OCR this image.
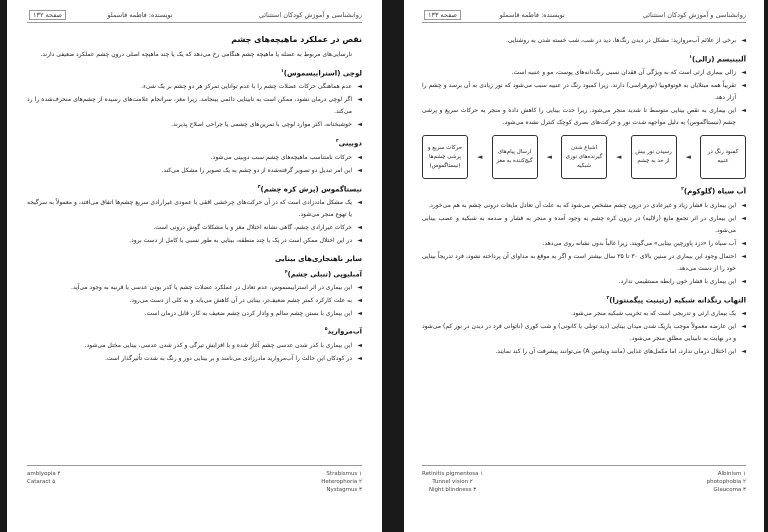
روانشناسی و آموزش کودکان استثنائی
نویسنده: فاطمه قاسملو
صفحه ۱۳۲
نقص در عملکرد ماهیچه‌های چشم

نارسایی‌های مربوط به عضله یا ماهیچه چشم هنگامی رخ می‌دهد که یک یا چند ماهیچه اصلی درون چشم عملکرد ضعیفی دارند.

لوچی (استرابیسموس)$^۱$
◄
عدم هماهنگی حرکات عضلات چشم را با عدم توانایی تمرکز هر دو چشم بر یک شیء.
◄
اگر لوچی درمان نشود، ممکن است به نابینایی دائمی بینجامد. زیرا مغز، سرانجام علامت‌های رسیده از چشم‌های منحرف‌شده را رد می‌کند.
◄
خوشبختانه، اکثر موارد لوچی با تمرین‌های چشمی یا جراحی اصلاح پذیرند.
دوبینی$^۲$
◄
حرکات نامتناسب ماهیچه‌های چشم سبب دوبینی می‌شود.
◄
این امر تبدیل دو تصویر گرفته‌شده از دو چشم به یک تصویر را مشکل می‌کند.
نیستاگموس (پرش کره چشم)$^۳$
◄
یک مشکل ماددزادی است که در آن حرکت‌های چرخشی افقی یا عمودی غیرارادی سریع چشم‌ها اتفاق می‌افتد، و معمولاً به سرگیجه یا تهوع منجر می‌شود.
◄
حرکات غیرارادی چشم، گاهی نشانه اختلال مغز و یا مشکلات گوش درونی است.
◄
در این اختلال ممکن است در یک یا چند منطقه، بینایی به طور نسبی یا کامل از دست برود.
سایر ناهنجاری‌های بینایی
آمبلیوپی (تنبلی چشم)$^۴$
◄
این بیماری در اثر استرابیسموس، عدم تعادل در عملکرد عضلات چشم یا کدر بودن عدسی یا قرنیه به وجود می‌آید.
◄
به علت کارکرد کمتر چشم ضعیف‌تر، بینایی در آن کاهش می‌یابد و به کلی از دست می‌رود.
◄
این بیماری با بستن چشم سالم و وادار کردن چشم ضعیف به کار، قابل درمان است.
آب‌مروارید$^۵$
◄
این بیماری با کدر شدن عدسی چشم آغاز شده و با افزایش تیرگی و کدر شدن عدسی، بینایی مختل می‌شود.
◄
در کودکان این حالت را آب‌مروارید مادرزادی می‌نامند و بر بینایی دور و رنگ به شدت تأثیرگذار است.
amblyopia ۴
Cataract ۵
Strabismus ۱
Heterophoria ۲
Nystagmus ۳
روانشناسی و آموزش کودکان استثنائی
نویسنده: فاطمه قاسملو
صفحه ۱۳۳
◄
برخی از علائم آب‌مروارید: مشکل در دیدن رنگ‌ها، دید در شب، شب خسته شدن به روشنایی.
آلبینیسم (زالی)$^۱$
◄
زالی بیماری ارثی است که به ویژگی آن فقدان نسبی رنگ‌دانه‌های پوست، مو و عنبیه است.
◄
تقریباً همه مبتلایان به فوتوفوبیا (نورهراسی) دارند. زیرا کمبود رنگ در عنبیه سبب می‌شود که نور زیادی به آن برسد و چشم را آزار دهد.
◄
این بیماری به نقص بینایی متوسط تا شدید منجر می‌شود. زیرا حدت بینایی را کاهش داده و منجر به حرکات سریع و پرشی چشم (نیستاگموس) به دلیل مواجهه شدت نور و حرکت‌های بصری کوچک کنترل نشده می‌شود.
کمبود رنگ در عنبیه
◄
رسیدن نور بیش از حد به چشم
◄
اشباع شدن گیرنده‌های نوری شبکیه
◄
ارسال پیام‌های گیج‌کننده به مغز
◄
حرکات سریع و پرشی چشم‌ها (نیستاگموس)
آب سیاه (گلوکوم)$^۲$
◄
این بیماری با فشار زیاد و غیرعادی در درون چشم مشخص می‌شود که به علت آن تعادل مایعات درونی چشم به هم می‌خورد.
◄
این بیماری در اثر تجمع مایع (زلالیه) در درون کره چشم به وجود آمده و منجر به فشار و صدمه به شبکیه و عصب بینایی می‌شود.
◄
آب سیاه را «دزد پاورچین بینایی» می‌گویند. زیرا غالباً بدون نشانه روی می‌دهد.
◄
احتمال وجود این بیماری در سنین بالای ۳۰ تا ۳۵ سال بیشتر است و اگر به موقع به مداوای آن پرداخته نشود، فرد تدریجاً بینایی خود را از دست می‌دهد.
◄
این بیماری با فشار خون رابطه مستقیمی ندارد.
التهاب رنگدانه شبکیه (رتینیت پیگمنتوزا)$^۳$
◄
یک بیماری ارثی و تدریجی است که به تخریب شبکیه منجر می‌شود.
◄
این عارضه معمولاً موجب باریک شدن میدان بینایی (دید تونلی یا کانونی) و شب کوری (ناتوانی فرد در دیدن در نور کم) می‌شود و در نهایت به نابینایی مطلق منجر می‌شود.
◄
این اختلال درمان ندارد، اما مکمل‌های غذایی (مانند ویتامین A) می‌توانند پیشرفت آن را کند نمایند.
Retinitis pigmentosa ۱
Tunnel vision ۲
Night blindness ۳
Albinism ۱
photophobia ۲
Glaucoma ۳
